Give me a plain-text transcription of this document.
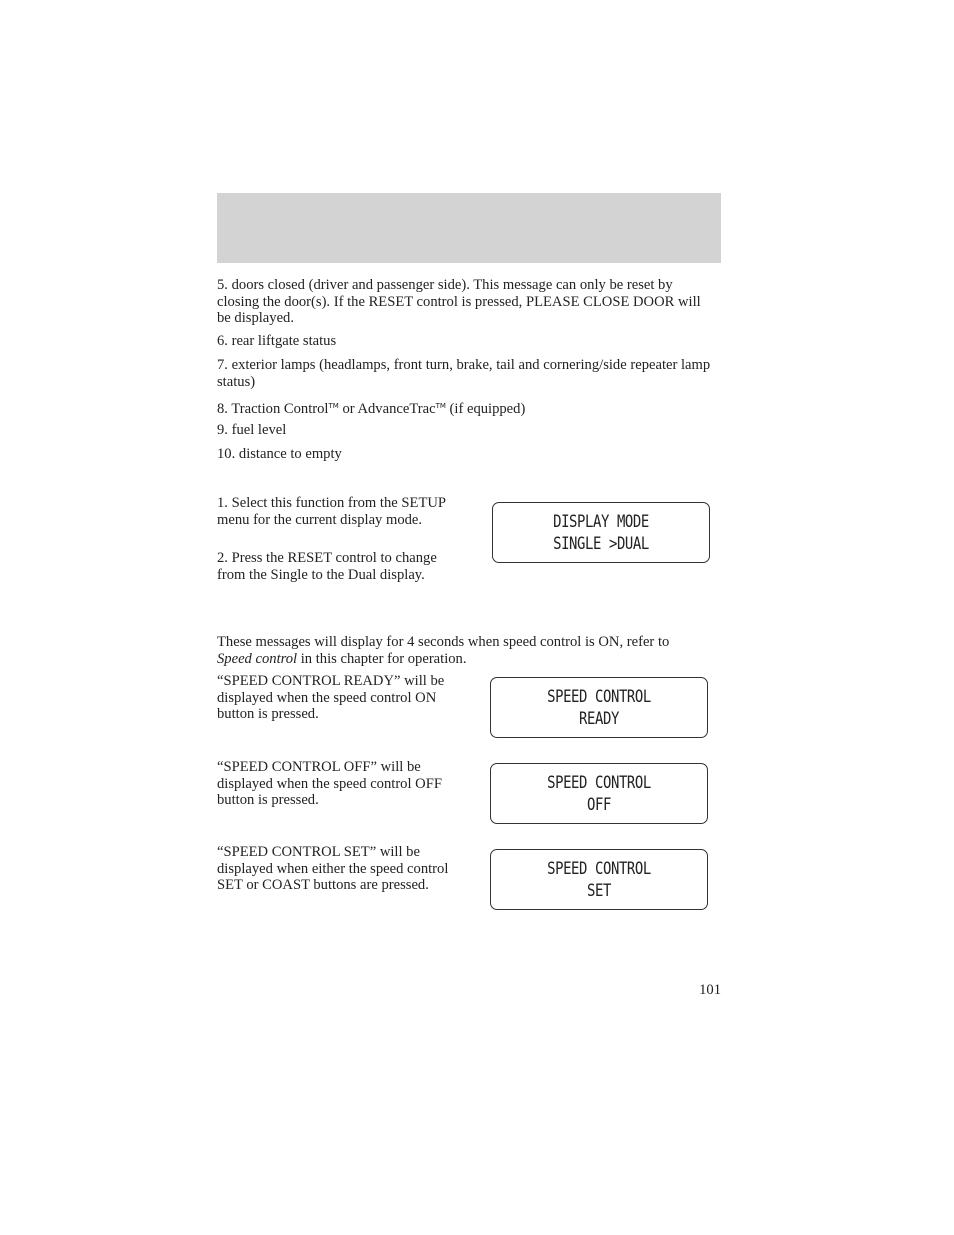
5. doors closed (driver and passenger side). This message can only be reset by closing the door(s). If the RESET control is pressed, PLEASE CLOSE DOOR will be displayed.

6. rear liftgate status

7. exterior lamps (headlamps, front turn, brake, tail and cornering/side repeater lamp status)

8. Traction Control™ or AdvanceTrac™ (if equipped)

9. fuel level

10. distance to empty

1. Select this function from the SETUP menu for the current display mode.

2. Press the RESET control to change from the Single to the Dual display.

DISPLAY MODE
SINGLE >DUAL

These messages will display for 4 seconds when speed control is ON, refer to Speed control in this chapter for operation.

“SPEED CONTROL READY” will be displayed when the speed control ON button is pressed.

SPEED CONTROL
READY

“SPEED CONTROL OFF” will be displayed when the speed control OFF button is pressed.

SPEED CONTROL
OFF

“SPEED CONTROL SET” will be displayed when either the speed control SET or COAST buttons are pressed.

SPEED CONTROL
SET
101
